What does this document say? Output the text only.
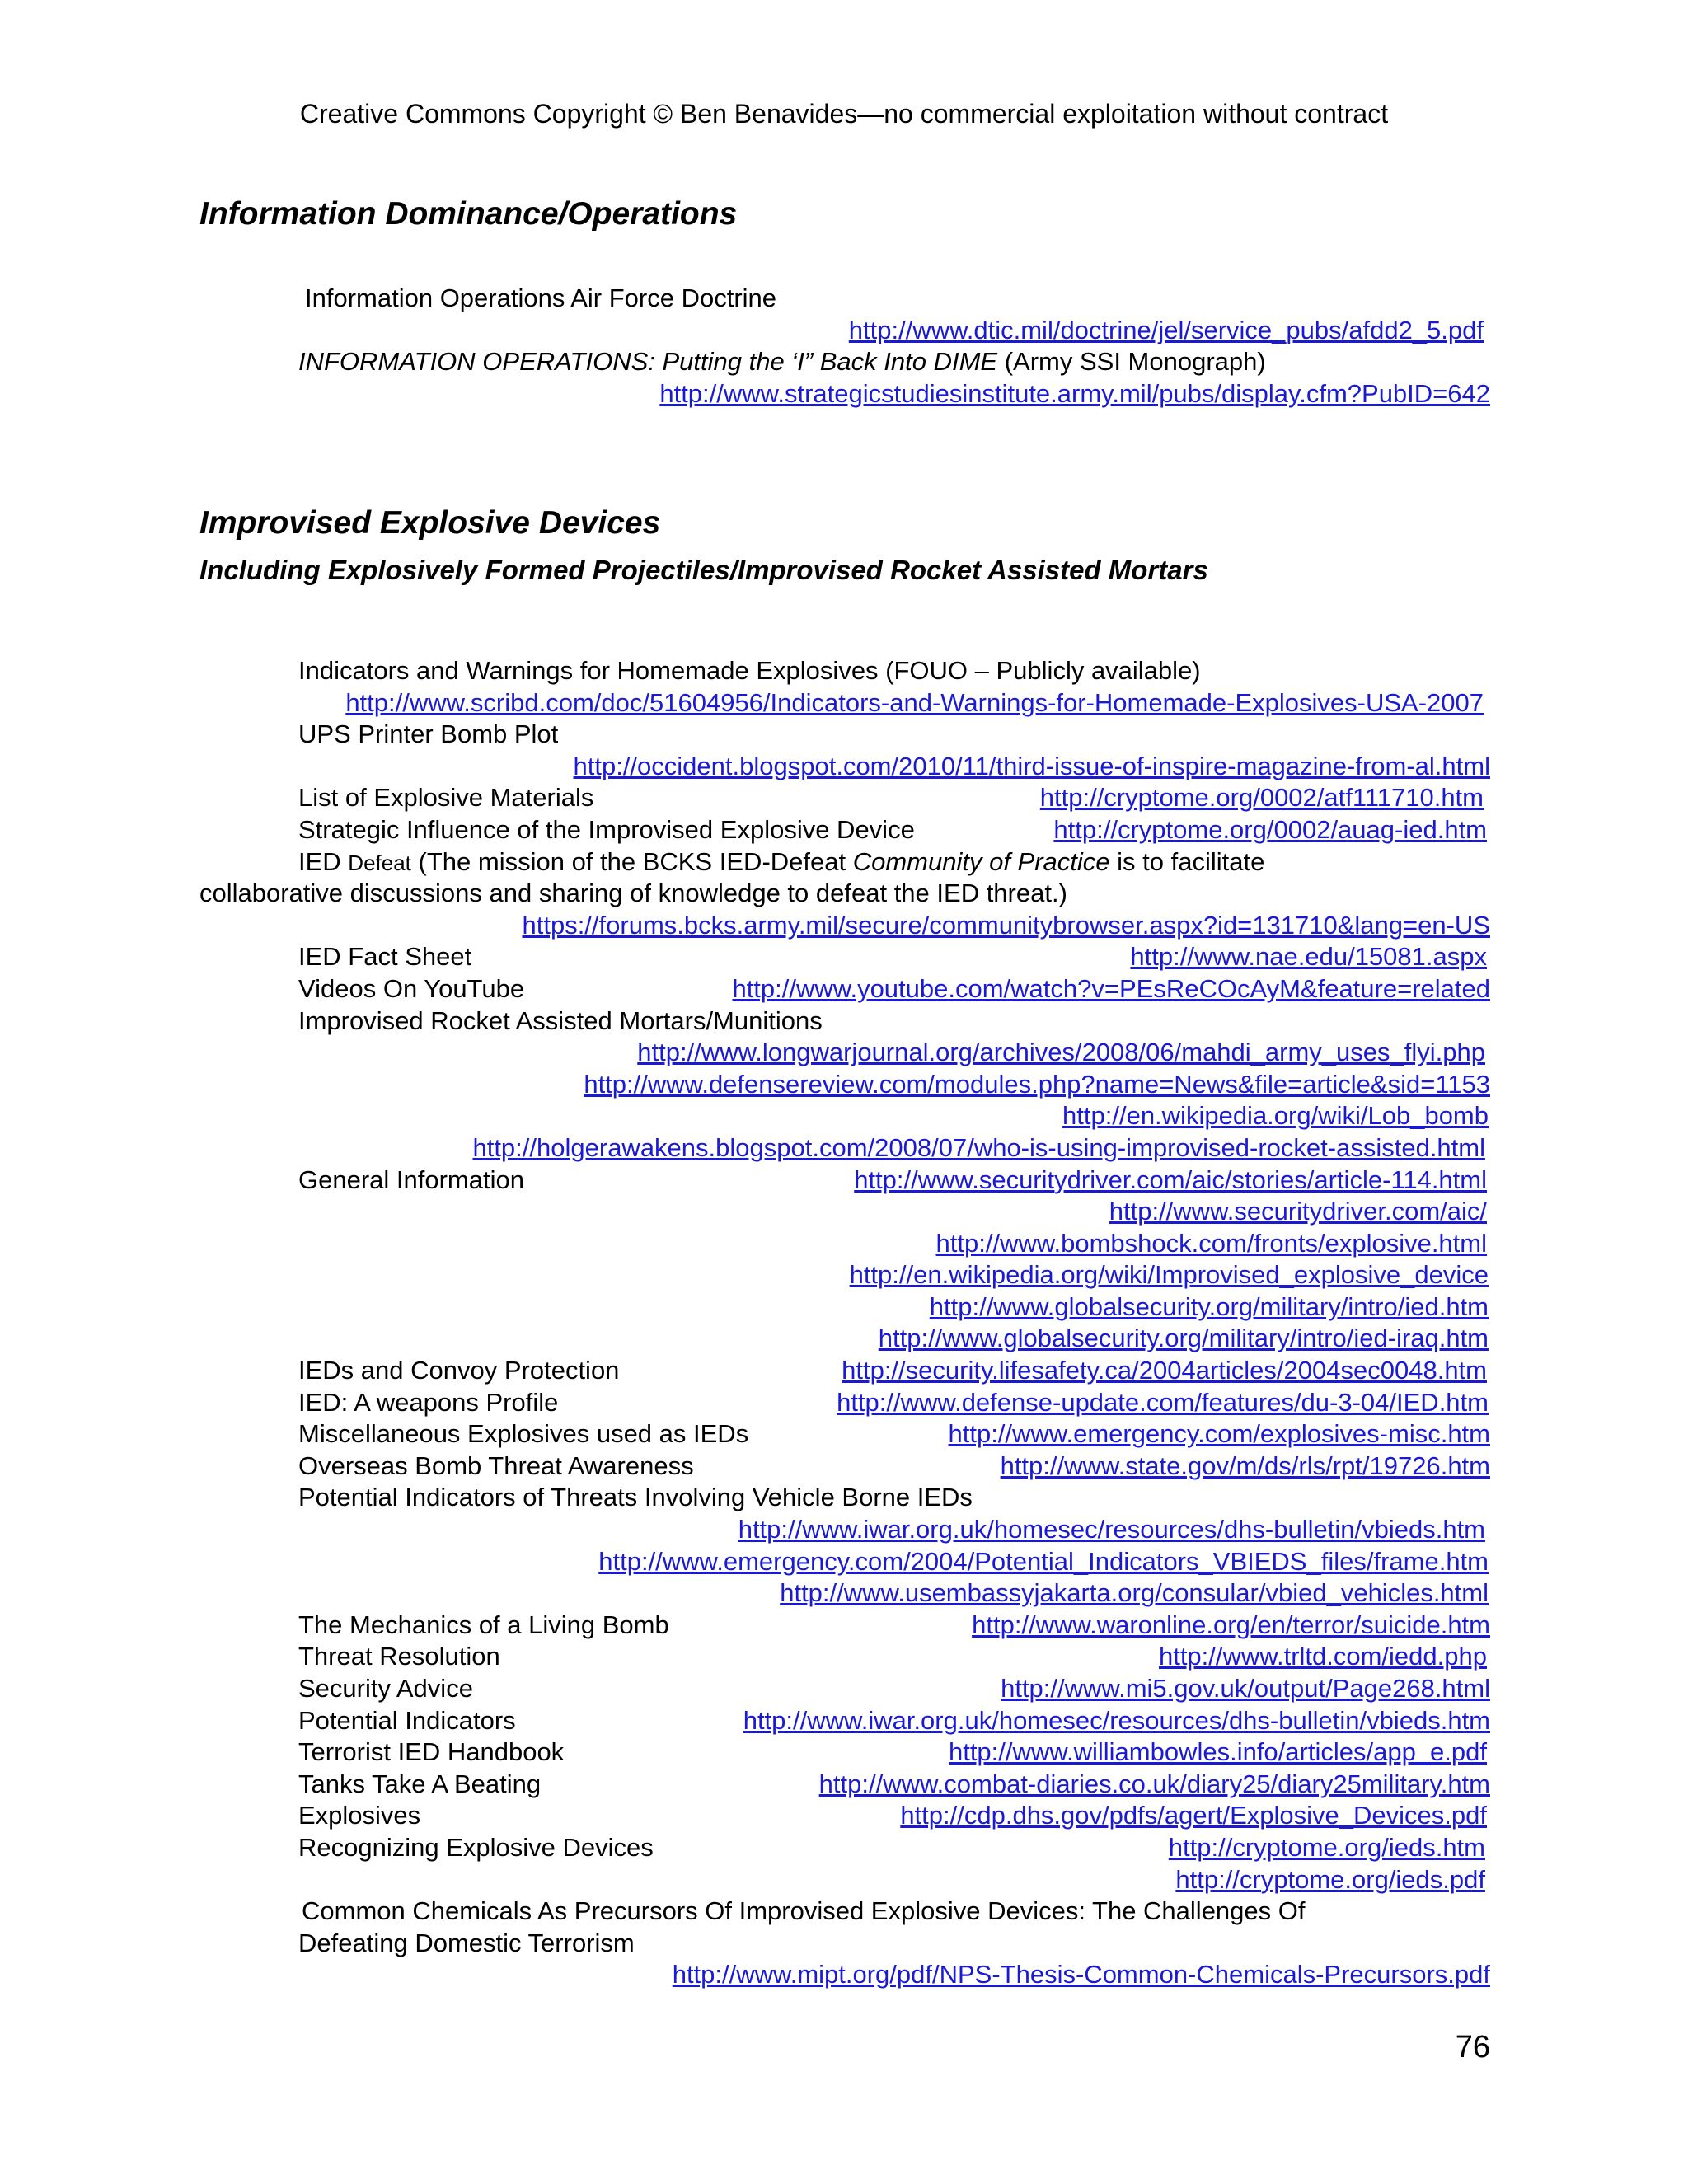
Creative Commons Copyright © Ben Benavides—no commercial exploitation without contract
Information Dominance/Operations
Information Operations Air Force Doctrine
http://www.dtic.mil/doctrine/jel/service_pubs/afdd2_5.pdf
INFORMATION OPERATIONS: Putting the ‘I” Back Into DIME (Army SSI Monograph)
http://www.strategicstudiesinstitute.army.mil/pubs/display.cfm?PubID=642
Improvised Explosive Devices
Including Explosively Formed Projectiles/Improvised Rocket Assisted Mortars
Indicators and Warnings for Homemade Explosives (FOUO – Publicly available)
http://www.scribd.com/doc/51604956/Indicators-and-Warnings-for-Homemade-Explosives-USA-2007
UPS Printer Bomb Plot
http://occident.blogspot.com/2010/11/third-issue-of-inspire-magazine-from-al.html
List of Explosive Materials	http://cryptome.org/0002/atf111710.htm
Strategic Influence of the Improvised Explosive Device	http://cryptome.org/0002/auag-ied.htm
IED Defeat (The mission of the BCKS IED-Defeat Community of Practice is to facilitate
collaborative discussions and sharing of knowledge to defeat the IED threat.)
https://forums.bcks.army.mil/secure/communitybrowser.aspx?id=131710&lang=en-US
IED Fact Sheet	http://www.nae.edu/15081.aspx
Videos On YouTube	http://www.youtube.com/watch?v=PEsReCOcAyM&feature=related
Improvised Rocket Assisted Mortars/Munitions
http://www.longwarjournal.org/archives/2008/06/mahdi_army_uses_flyi.php
http://www.defensereview.com/modules.php?name=News&file=article&sid=1153
http://en.wikipedia.org/wiki/Lob_bomb
http://holgerawakens.blogspot.com/2008/07/who-is-using-improvised-rocket-assisted.html
General Information	http://www.securitydriver.com/aic/stories/article-114.html
http://www.securitydriver.com/aic/
http://www.bombshock.com/fronts/explosive.html
http://en.wikipedia.org/wiki/Improvised_explosive_device
http://www.globalsecurity.org/military/intro/ied.htm
http://www.globalsecurity.org/military/intro/ied-iraq.htm
IEDs and Convoy Protection	http://security.lifesafety.ca/2004articles/2004sec0048.htm
IED: A weapons Profile	http://www.defense-update.com/features/du-3-04/IED.htm
Miscellaneous Explosives used as IEDs	http://www.emergency.com/explosives-misc.htm
Overseas Bomb Threat Awareness	http://www.state.gov/m/ds/rls/rpt/19726.htm
Potential Indicators of Threats Involving Vehicle Borne IEDs
http://www.iwar.org.uk/homesec/resources/dhs-bulletin/vbieds.htm
http://www.emergency.com/2004/Potential_Indicators_VBIEDS_files/frame.htm
http://www.usembassyjakarta.org/consular/vbied_vehicles.html
The Mechanics of a Living Bomb	http://www.waronline.org/en/terror/suicide.htm
Threat Resolution	http://www.trltd.com/iedd.php
Security Advice	http://www.mi5.gov.uk/output/Page268.html
Potential Indicators	http://www.iwar.org.uk/homesec/resources/dhs-bulletin/vbieds.htm
Terrorist IED Handbook	http://www.williambowles.info/articles/app_e.pdf
Tanks Take A Beating	http://www.combat-diaries.co.uk/diary25/diary25military.htm
Explosives	http://cdp.dhs.gov/pdfs/agert/Explosive_Devices.pdf
Recognizing Explosive Devices	http://cryptome.org/ieds.htm
http://cryptome.org/ieds.pdf
Common Chemicals As Precursors Of Improvised Explosive Devices: The Challenges Of
Defeating Domestic Terrorism
http://www.mipt.org/pdf/NPS-Thesis-Common-Chemicals-Precursors.pdf
76
